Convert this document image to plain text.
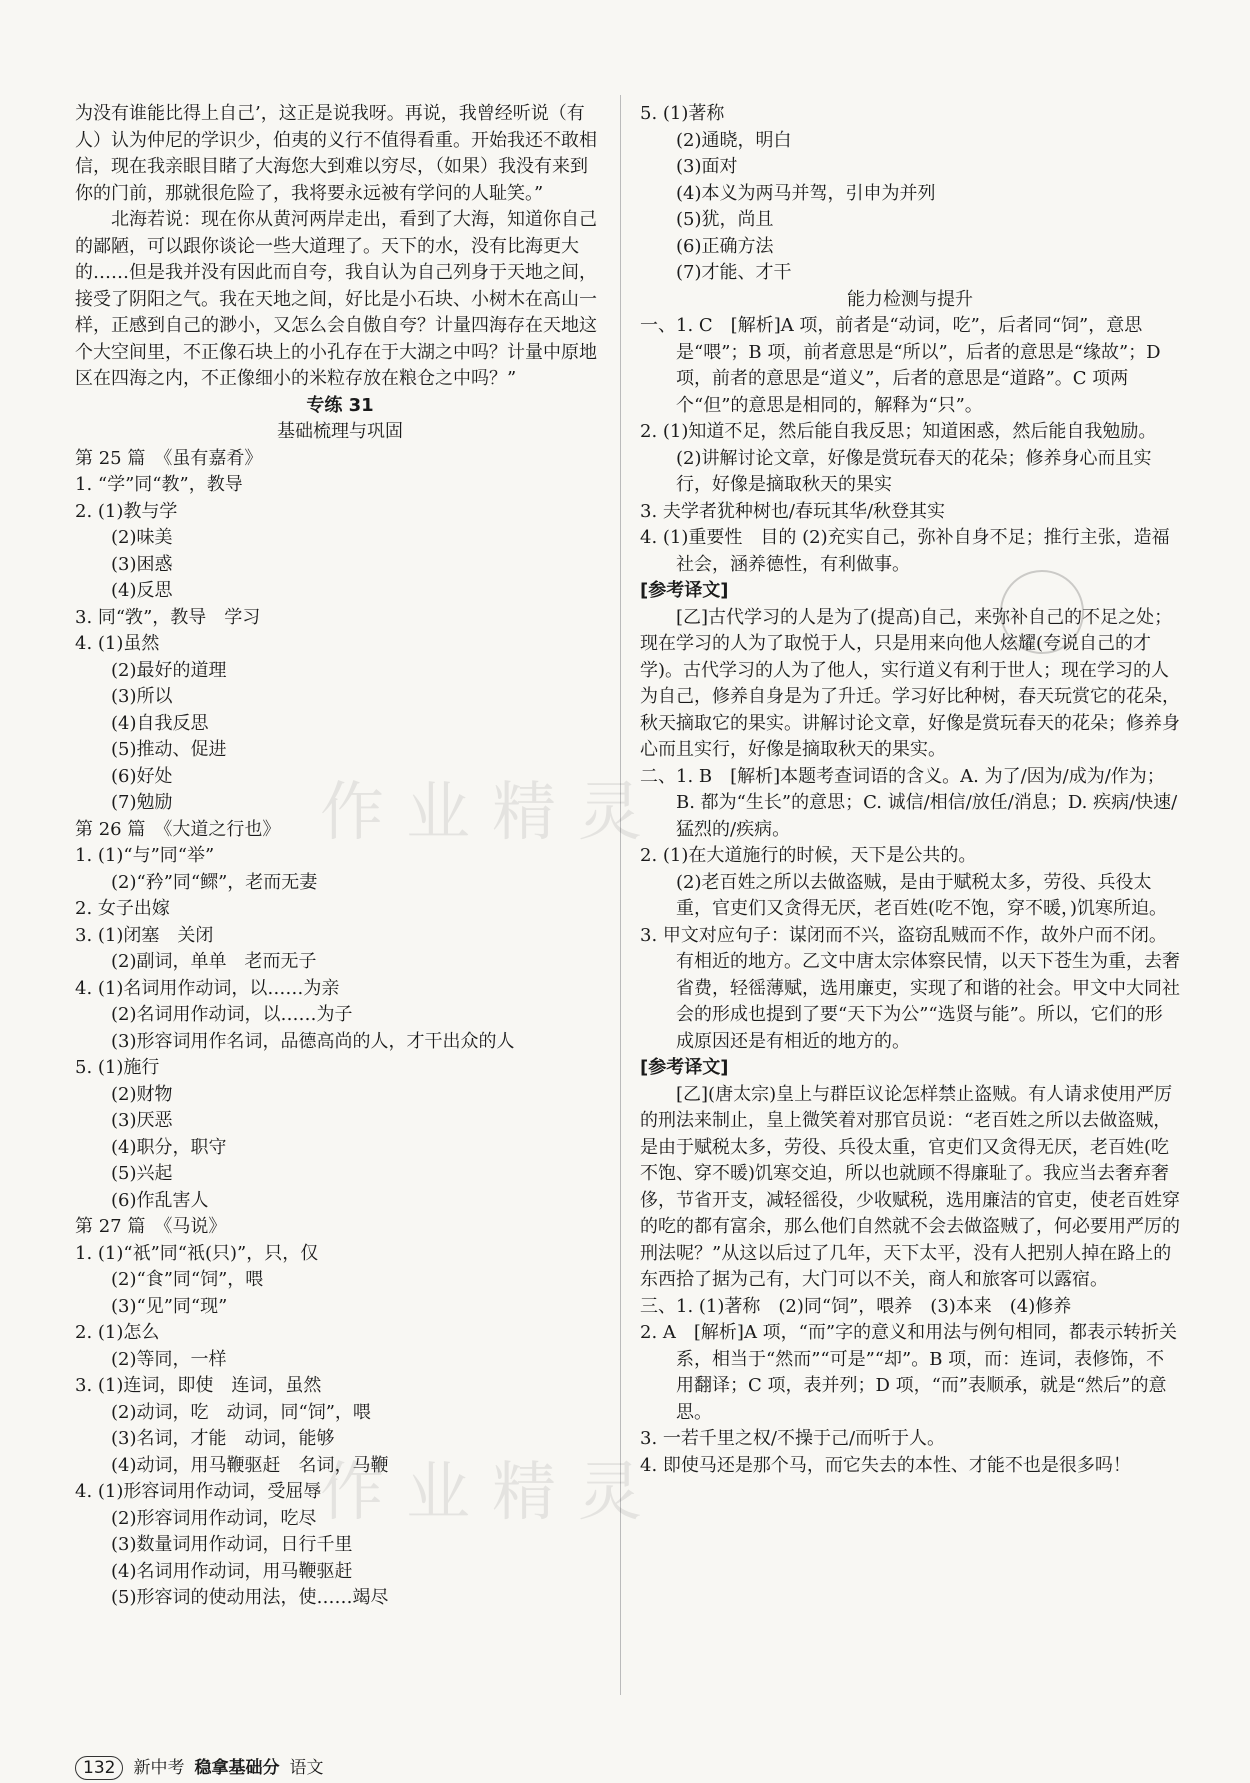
作业精灵
作业精灵
为没有谁能比得上自己’，这正是说我呀。再说，我曾经听说（有人）认为仲尼的学识少，伯夷的义行不值得看重。开始我还不敢相信，现在我亲眼目睹了大海您大到难以穷尽，（如果）我没有来到你的门前，那就很危险了，我将要永远被有学问的人耻笑。”
北海若说：现在你从黄河两岸走出，看到了大海，知道你自己的鄙陋，可以跟你谈论一些大道理了。天下的水，没有比海更大的……但是我并没有因此而自夸，我自认为自己列身于天地之间，接受了阴阳之气。我在天地之间，好比是小石块、小树木在高山一样，正感到自己的渺小，又怎么会自傲自夸？计量四海存在天地这个大空间里，不正像石块上的小孔存在于大湖之中吗？计量中原地区在四海之内，不正像细小的米粒存放在粮仓之中吗？”
专练 31
基础梳理与巩固
第 25 篇　《虽有嘉肴》
1. “学”同“教”，教导
2. (1)教与学
(2)味美
(3)困惑
(4)反思
3. 同“敩”，教导　学习
4. (1)虽然
(2)最好的道理
(3)所以
(4)自我反思
(5)推动、促进
(6)好处
(7)勉励
第 26 篇　《大道之行也》
1. (1)“与”同“举”
(2)“矜”同“鳏”，老而无妻
2. 女子出嫁
3. (1)闭塞　关闭
(2)副词，单单　老而无子
4. (1)名词用作动词，以……为亲
(2)名词用作动词，以……为子
(3)形容词用作名词，品德高尚的人，才干出众的人
5. (1)施行
(2)财物
(3)厌恶
(4)职分，职守
(5)兴起
(6)作乱害人
第 27 篇　《马说》
1. (1)“祇”同“祇(只)”，只，仅
(2)“食”同“饲”，喂
(3)“见”同“现”
2. (1)怎么
(2)等同，一样
3. (1)连词，即使　连词，虽然
(2)动词，吃　动词，同“饲”，喂
(3)名词，才能　动词，能够
(4)动词，用马鞭驱赶　名词，马鞭
4. (1)形容词用作动词，受屈辱
(2)形容词用作动词，吃尽
(3)数量词用作动词，日行千里
(4)名词用作动词，用马鞭驱赶
(5)形容词的使动用法，使……竭尽
5. (1)著称
(2)通晓，明白
(3)面对
(4)本义为两马并驾，引申为并列
(5)犹，尚且
(6)正确方法
(7)才能、才干
能力检测与提升
一、1. C　[解析]A 项，前者是“动词，吃”，后者同“饲”，意思是“喂”；B 项，前者意思是“所以”，后者的意思是“缘故”；D 项，前者的意思是“道义”，后者的意思是“道路”。C 项两个“但”的意思是相同的，解释为“只”。
2. (1)知道不足，然后能自我反思；知道困惑，然后能自我勉励。(2)讲解讨论文章，好像是赏玩春天的花朵；修养身心而且实行，好像是摘取秋天的果实
3. 夫学者犹种树也/春玩其华/秋登其实
4. (1)重要性　目的 (2)充实自己，弥补自身不足；推行主张，造福社会，涵养德性，有利做事。
[参考译文]
[乙]古代学习的人是为了(提高)自己，来弥补自己的不足之处；现在学习的人为了取悦于人，只是用来向他人炫耀(夸说自己的才学)。古代学习的人为了他人，实行道义有利于世人；现在学习的人为自己，修养自身是为了升迁。学习好比种树，春天玩赏它的花朵，秋天摘取它的果实。讲解讨论文章，好像是赏玩春天的花朵；修养身心而且实行，好像是摘取秋天的果实。
二、1. B　[解析]本题考查词语的含义。A. 为了/因为/成为/作为；B. 都为“生长”的意思；C. 诚信/相信/放任/消息；D. 疾病/快速/猛烈的/疾病。
2. (1)在大道施行的时候，天下是公共的。
(2)老百姓之所以去做盗贼，是由于赋税太多，劳役、兵役太重，官吏们又贪得无厌，老百姓(吃不饱，穿不暖，)饥寒所迫。
3. 甲文对应句子：谋闭而不兴，盗窃乱贼而不作，故外户而不闭。
有相近的地方。乙文中唐太宗体察民情，以天下苍生为重，去奢省费，轻徭薄赋，选用廉吏，实现了和谐的社会。甲文中大同社会的形成也提到了要“天下为公”“选贤与能”。所以，它们的形成原因还是有相近的地方的。
[参考译文]
[乙](唐太宗)皇上与群臣议论怎样禁止盗贼。有人请求使用严厉的刑法来制止，皇上微笑着对那官员说：“老百姓之所以去做盗贼，是由于赋税太多，劳役、兵役太重，官吏们又贪得无厌，老百姓(吃不饱、穿不暖)饥寒交迫，所以也就顾不得廉耻了。我应当去奢弃奢侈，节省开支，减轻徭役，少收赋税，选用廉洁的官吏，使老百姓穿的吃的都有富余，那么他们自然就不会去做盗贼了，何必要用严厉的刑法呢？”从这以后过了几年，天下太平，没有人把别人掉在路上的东西拾了据为己有，大门可以不关，商人和旅客可以露宿。
三、1. (1)著称　(2)同“饲”，喂养　(3)本来　(4)修养
2. A　[解析]A 项，“而”字的意义和用法与例句相同，都表示转折关系，相当于“然而”“可是”“却”。B 项，而：连词，表修饰，不用翻译；C 项，表并列；D 项，“而”表顺承，就是“然后”的意思。
3. 一若千里之权/不操于己/而听于人。
4. 即使马还是那个马，而它失去的本性、才能不也是很多吗！
132	新中考 稳拿基础分 语文
